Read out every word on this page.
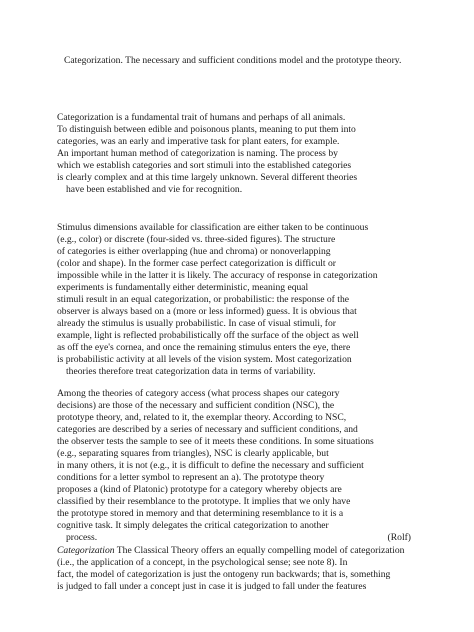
Categorization. The necessary and sufficient conditions model and the prototype theory.
Categorization is a fundamental trait of humans and perhaps of all animals.
To distinguish between edible and poisonous plants, meaning to put them into
categories, was an early and imperative task for plant eaters, for example.
An important human method of categorization is naming. The process by
which we establish categories and sort stimuli into the established categories
is clearly complex and at this time largely unknown. Several different theories
have been established and vie for recognition.
Stimulus dimensions available for classification are either taken to be continuous
(e.g., color) or discrete (four-sided vs. three-sided figures). The structure
of categories is either overlapping (hue and chroma) or nonoverlapping
(color and shape). In the former case perfect categorization is difficult or
impossible while in the latter it is likely. The accuracy of response in categorization
experiments is fundamentally either deterministic, meaning equal
stimuli result in an equal categorization, or probabilistic: the response of the
observer is always based on a (more or less informed) guess. It is obvious that
already the stimulus is usually probabilistic. In case of visual stimuli, for
example, light is reflected probabilistically off the surface of the object as well
as off the eye's cornea, and once the remaining stimulus enters the eye, there
is probabilistic activity at all levels of the vision system. Most categorization
theories therefore treat categorization data in terms of variability.
Among the theories of category access (what process shapes our category
decisions) are those of the necessary and sufficient condition (NSC), the
prototype theory, and, related to it, the exemplar theory. According to NSC,
categories are described by a series of necessary and sufficient conditions, and
the observer tests the sample to see of it meets these conditions. In some situations
(e.g., separating squares from triangles), NSC is clearly applicable, but
in many others, it is not (e.g., it is difficult to define the necessary and sufficient
conditions for a letter symbol to represent an a). The prototype theory
proposes a (kind of Platonic) prototype for a category whereby objects are
classified by their resemblance to the prototype. It implies that we only have
the prototype stored in memory and that determining resemblance to it is a
cognitive task. It simply delegates the critical categorization to another
process.	(Rolf)
Categorization The Classical Theory offers an equally compelling model of categorization
(i.e., the application of a concept, in the psychological sense; see note 8). In
fact, the model of categorization is just the ontogeny run backwards; that is, something
is judged to fall under a concept just in case it is judged to fall under the features
